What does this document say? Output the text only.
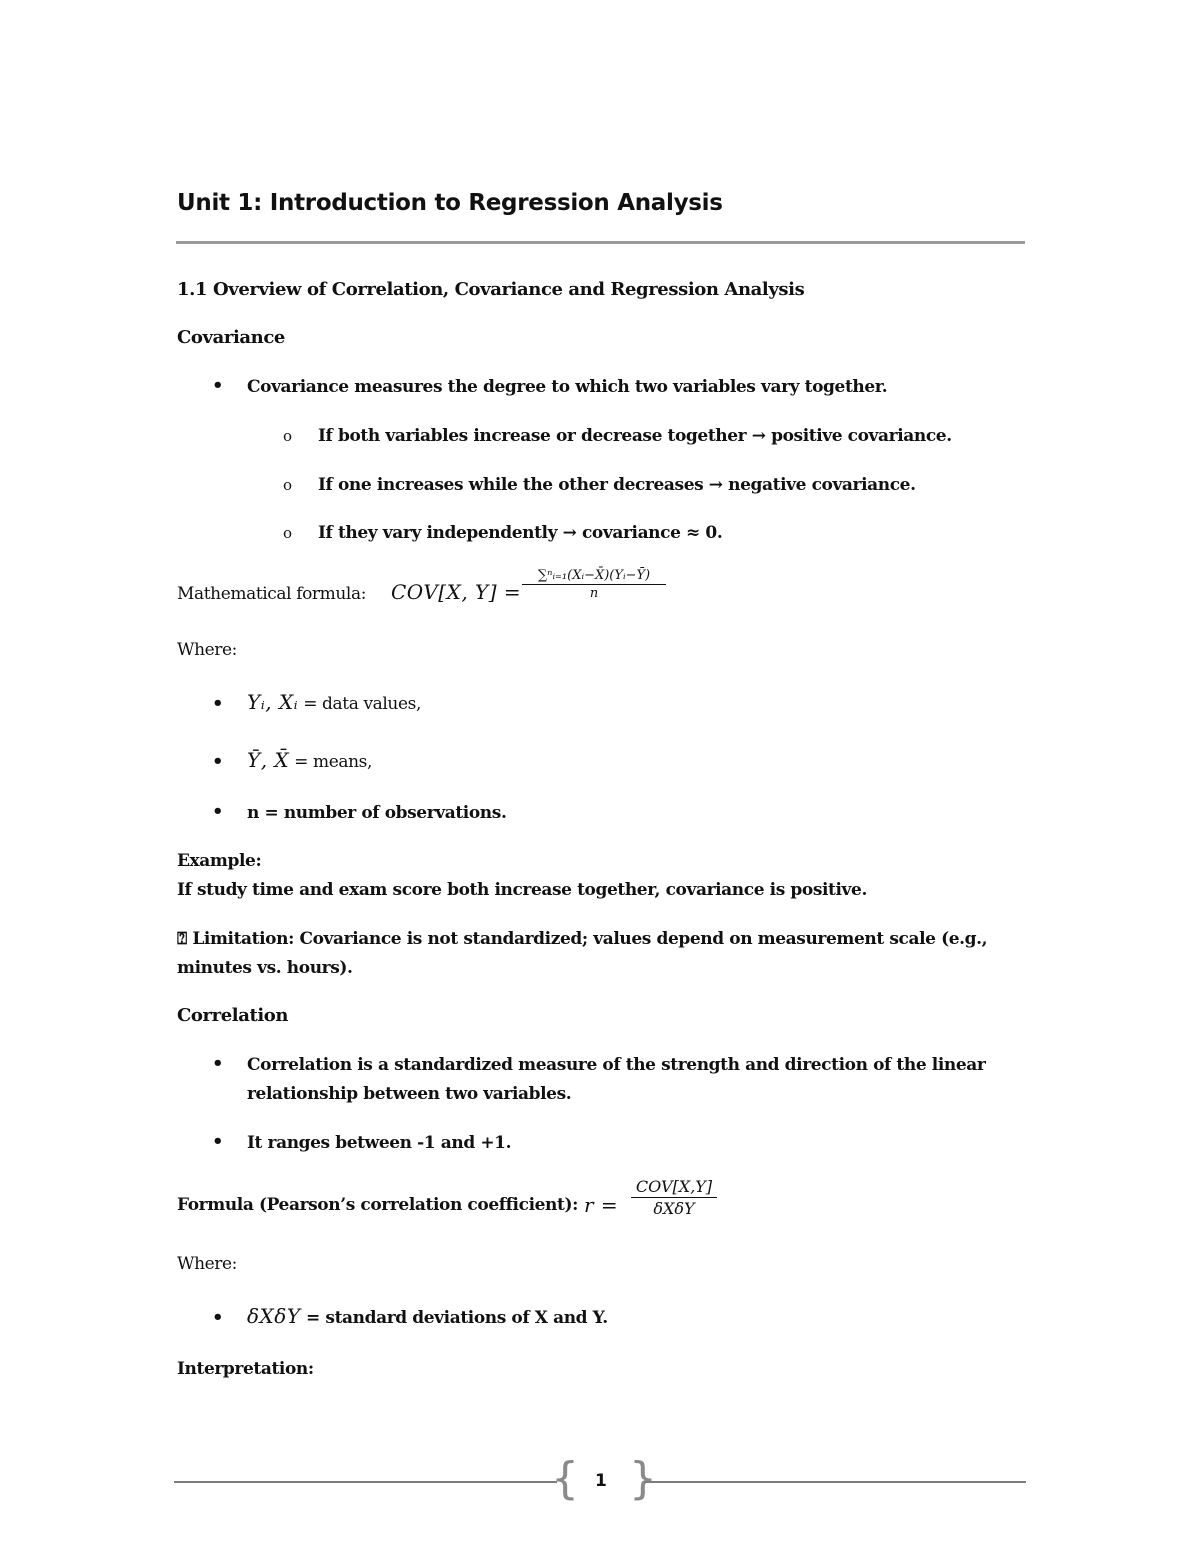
Unit 1: Introduction to Regression Analysis
1.1 Overview of Correlation, Covariance and Regression Analysis
Covariance
• Covariance measures the degree to which two variables vary together.
o If both variables increase or decrease together → positive covariance.
o If one increases while the other decreases → negative covariance.
o If they vary independently → covariance ≈ 0.
Mathematical formula: COV[X, $Y] = \frac{\text{∑ⁿᵢ₌₁(Xᵢ−X̄)(Yᵢ−Ȳ)}}{n}$
Where:
• Yᵢ, Xᵢ = data values,
• Ȳ, X̄ = means,
• n = number of observations.
Example:
If study time and exam score both increase together, covariance is positive.
⍰ Limitation: Covariance is not standardized; values depend on measurement scale (e.g.,
minutes vs. hours).
Correlation
• Correlation is a standardized measure of the strength and direction of the linear
relationship between two variables.
• It ranges between -1 and +1.
Formula (Pearson’s correlation coefficient): $r = \frac{\text{COV[X,Y]}}{\text{δXδY}}$
Where:
• δXδY = standard deviations of X and Y.
Interpretation:
{ 1 }
